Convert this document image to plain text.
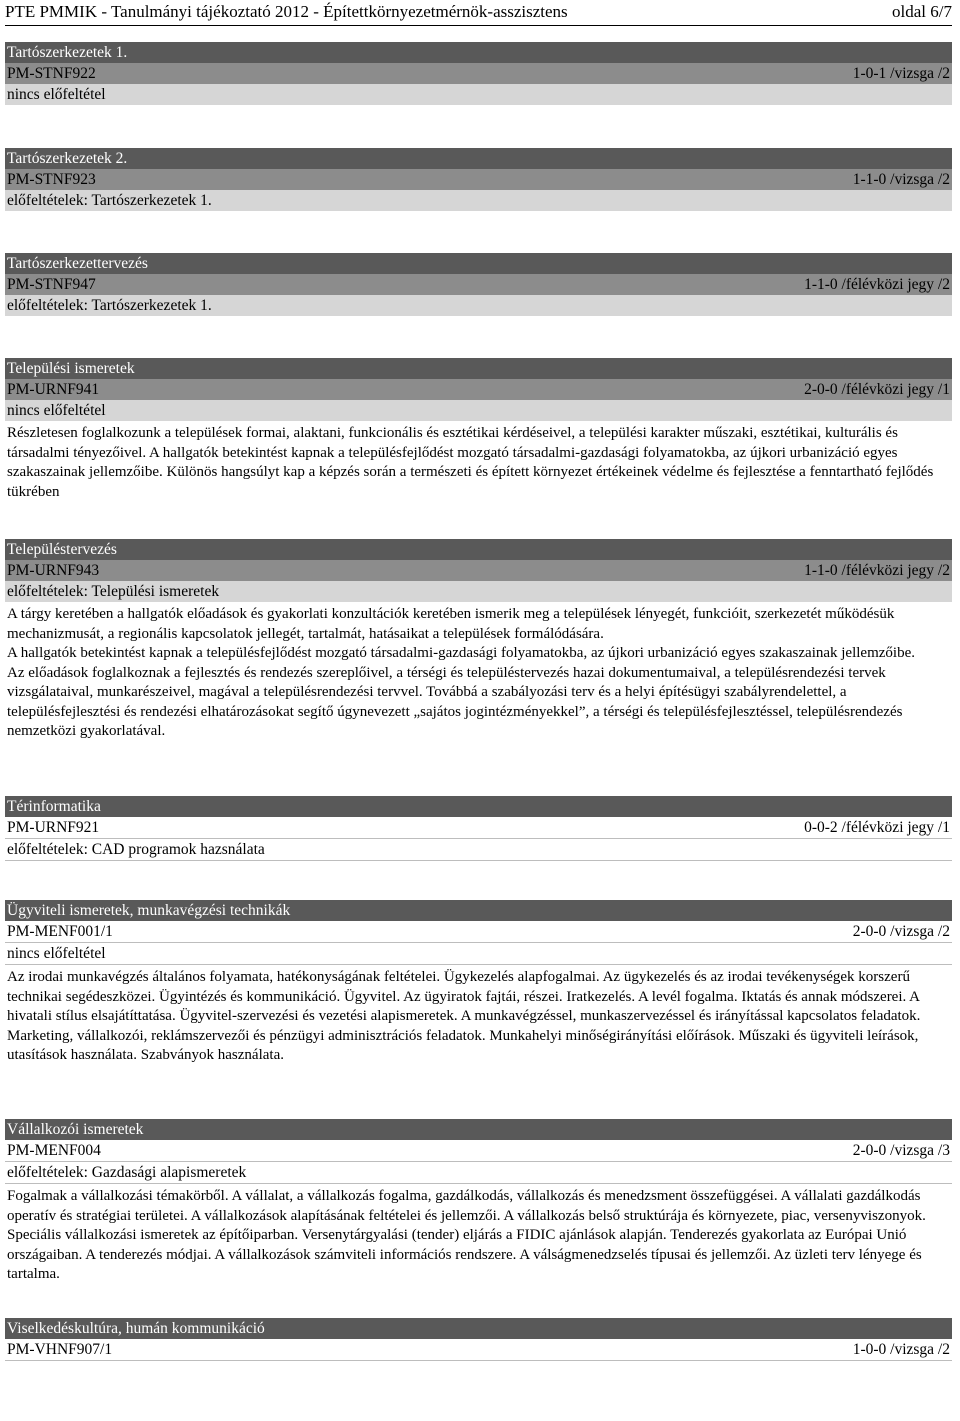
PTE PMMIK - Tanulmányi tájékoztató 2012 - Építettkörnyezetmérnök-asszisztens	oldal 6/7
Tartószerkezetek 1.
PM-STNF922	1-0-1 /vizsga /2
nincs előfeltétel
Tartószerkezetek 2.
PM-STNF923	1-1-0 /vizsga /2
előfeltételek: Tartószerkezetek 1.
Tartószerkezettervezés
PM-STNF947	1-1-0 /félévközi jegy /2
előfeltételek: Tartószerkezetek 1.
Települési ismeretek
PM-URNF941	2-0-0 /félévközi jegy /1
nincs előfeltétel

Részletesen foglalkozunk a települések formai, alaktani, funkcionális és esztétikai kérdéseivel, a települési karakter műszaki, esztétikai, kulturális és társadalmi tényezőivel. A hallgatók betekintést kapnak a településfejlődést mozgató társadalmi-gazdasági folyamatokba, az újkori urbanizáció egyes szakaszainak jellemzőibe. Különös hangsúlyt kap a képzés során a természeti és épített környezet értékeinek védelme és fejlesztése a fenntartható fejlődés tükrében

Településtervezés
PM-URNF943	1-1-0 /félévközi jegy /2
előfeltételek: Települési ismeretek

A tárgy keretében a hallgatók előadások és gyakorlati konzultációk keretében ismerik meg a települések lényegét, funkcióit, szerkezetét működésük mechanizmusát, a regionális kapcsolatok jellegét, tartalmát, hatásaikat a települések formálódására.

A hallgatók betekintést kapnak a településfejlődést mozgató társadalmi-gazdasági folyamatokba, az újkori urbanizáció egyes szakaszainak jellemzőibe.

Az előadások foglalkoznak a fejlesztés és rendezés szereplőivel, a térségi és településtervezés hazai dokumentumaival, a településrendezési tervek vizsgálataival, munkarészeivel, magával a településrendezési tervvel. Továbbá a szabályozási terv és a helyi építésügyi szabályrendelettel, a településfejlesztési és rendezési elhatározásokat segítő úgynevezett „sajátos jogintézményekkel”, a térségi és településfejlesztéssel, településrendezés nemzetközi gyakorlatával.

Térinformatika
PM-URNF921	0-0-2 /félévközi jegy /1
előfeltételek: CAD programok hazsnálata
Ügyviteli ismeretek, munkavégzési technikák
PM-MENF001/1	2-0-0 /vizsga /2
nincs előfeltétel

Az irodai munkavégzés általános folyamata, hatékonyságának feltételei. Ügykezelés alapfogalmai. Az ügykezelés és az irodai tevékenységek korszerű technikai segédeszközei. Ügyintézés és kommunikáció. Ügyvitel. Az ügyiratok fajtái, részei. Iratkezelés. A levél fogalma. Iktatás és annak módszerei. A hivatali stílus elsajátíttatása. Ügyvitel-szervezési és vezetési alapismeretek. A munkavégzéssel, munkaszervezéssel és irányítással kapcsolatos feladatok. Marketing, vállalkozói, reklámszervezői és pénzügyi adminisztrációs feladatok. Munkahelyi minőségirányítási előírások. Műszaki és ügyviteli leírások, utasítások használata. Szabványok használata.

Vállalkozói ismeretek
PM-MENF004	2-0-0 /vizsga /3
előfeltételek: Gazdasági alapismeretek

Fogalmak a vállalkozási témakörből. A vállalat, a vállalkozás fogalma, gazdálkodás, vállalkozás és menedzsment összefüggései. A vállalati gazdálkodás operatív és stratégiai területei. A vállalkozások alapításának feltételei és jellemzői. A vállalkozás belső struktúrája és környezete, piac, versenyviszonyok. Speciális vállalkozási ismeretek az építőiparban. Versenytárgyalási (tender) eljárás a FIDIC ajánlások alapján. Tenderezés gyakorlata az Európai Unió országaiban. A tenderezés módjai. A vállalkozások számviteli információs rendszere. A válságmenedzselés típusai és jellemzői. Az üzleti terv lényege és tartalma.

Viselkedéskultúra, humán kommunikáció
PM-VHNF907/1	1-0-0 /vizsga /2
